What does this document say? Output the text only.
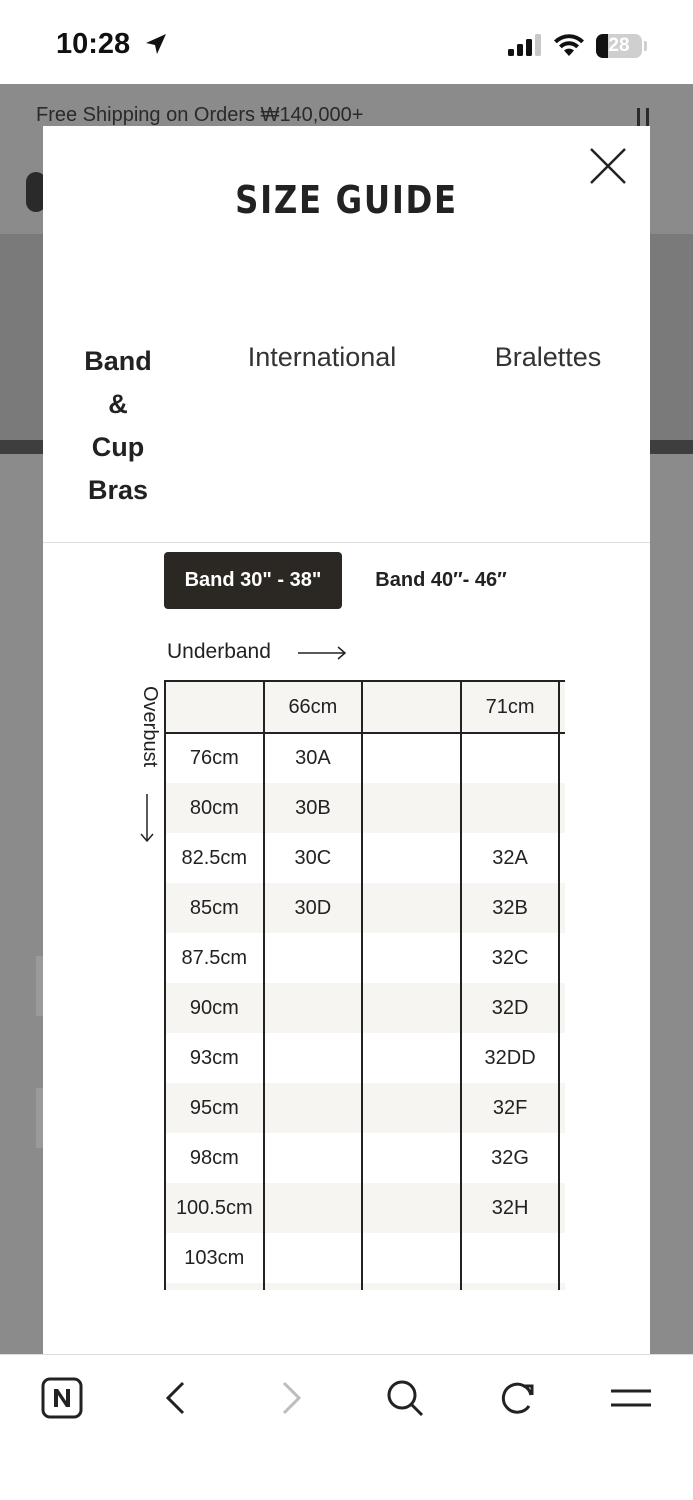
10:28	28
Free Shipping on Orders ₩140,000+
SIZE GUIDE
Band
&
Cup
Bras
International	Bralettes
Band 30" - 38"	Band 40″- 46″
Underband
Overbust
		66cm		71cm	
76cm	30A			
80cm	30B			
82.5cm	30C		32A	
85cm	30D		32B	
87.5cm			32C	
90cm			32D	
93cm			32DD	
95cm			32F	
98cm			32G	
100.5cm			32H	
103cm				
